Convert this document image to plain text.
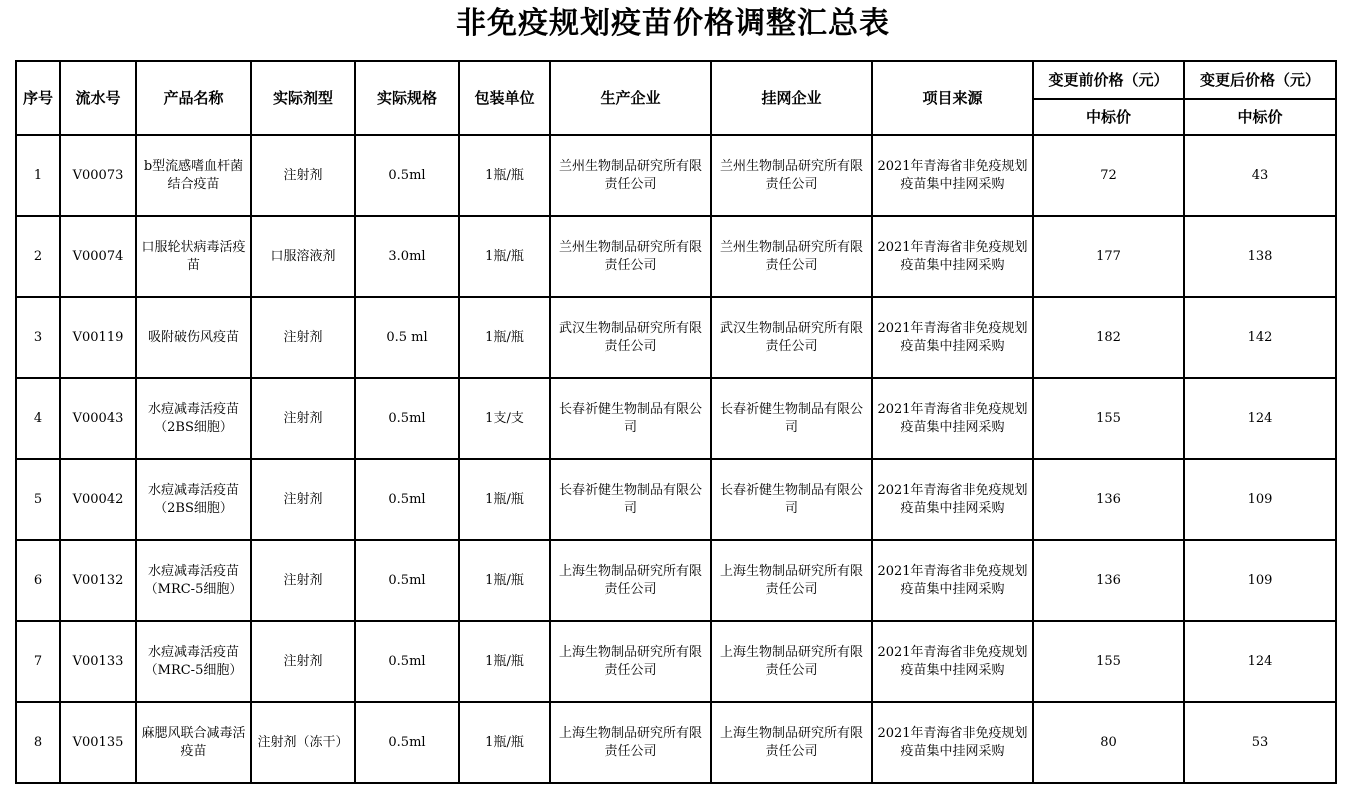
非免疫规划疫苗价格调整汇总表
序号	流水号	产品名称	实际剂型	实际规格	包装单位	生产企业	挂网企业	项目来源	变更前价格（元）	变更后价格（元）
									中标价	中标价
1	V00073	b型流感嗜血杆菌结合疫苗	注射剂	0.5ml	1瓶/瓶	兰州生物制品研究所有限责任公司	兰州生物制品研究所有限责任公司	2021年青海省非免疫规划疫苗集中挂网采购	72	43
2	V00074	口服轮状病毒活疫苗	口服溶液剂	3.0ml	1瓶/瓶	兰州生物制品研究所有限责任公司	兰州生物制品研究所有限责任公司	2021年青海省非免疫规划疫苗集中挂网采购	177	138
3	V00119	吸附破伤风疫苗	注射剂	0.5 ml	1瓶/瓶	武汉生物制品研究所有限责任公司	武汉生物制品研究所有限责任公司	2021年青海省非免疫规划疫苗集中挂网采购	182	142
4	V00043	水痘减毒活疫苗（2BS细胞）	注射剂	0.5ml	1支/支	长春祈健生物制品有限公司	长春祈健生物制品有限公司	2021年青海省非免疫规划疫苗集中挂网采购	155	124
5	V00042	水痘减毒活疫苗（2BS细胞）	注射剂	0.5ml	1瓶/瓶	长春祈健生物制品有限公司	长春祈健生物制品有限公司	2021年青海省非免疫规划疫苗集中挂网采购	136	109
6	V00132	水痘减毒活疫苗（MRC-5细胞）	注射剂	0.5ml	1瓶/瓶	上海生物制品研究所有限责任公司	上海生物制品研究所有限责任公司	2021年青海省非免疫规划疫苗集中挂网采购	136	109
7	V00133	水痘减毒活疫苗（MRC-5细胞）	注射剂	0.5ml	1瓶/瓶	上海生物制品研究所有限责任公司	上海生物制品研究所有限责任公司	2021年青海省非免疫规划疫苗集中挂网采购	155	124
8	V00135	麻腮风联合减毒活疫苗	注射剂（冻干）	0.5ml	1瓶/瓶	上海生物制品研究所有限责任公司	上海生物制品研究所有限责任公司	2021年青海省非免疫规划疫苗集中挂网采购	80	53
